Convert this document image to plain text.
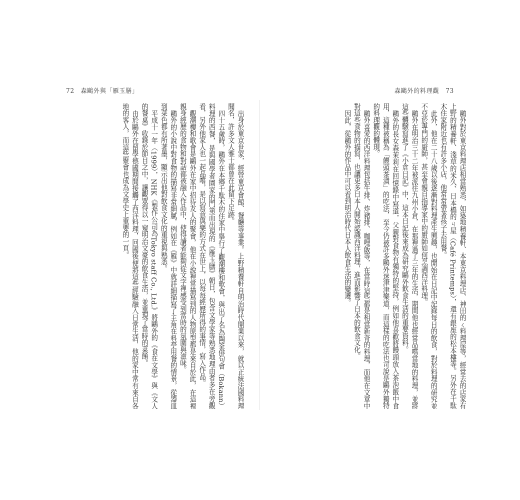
72 森鷗外與「雁玉膳」	森鷗外的料理觀 73

鷗外對於東京料理店相當熟悉，如築地精養軒、本東京料理店、神田的ㄑ料理屋等，經常去的店家有上野的精養軒、淺草的米久、日本橋的ㄐ屋（Café Printemps），還有銀座的松本樓等。另外在千駄木住家附近也有許多小店，他常常帶著孩子去用餐。

此外，他在二十八歲以後逐漸對料理產生興趣，也開始在日記中記錄每日的飲食，對於料理的研究並不亞於專門的廚師，甚至會親自指導家中的廚師如何烹調西洋料理。

鷗外在明治三十二年被派往九州小倉，在那裡過了三年的生活，期間他也經常品嚐當地的料理，並將這些體驗寫進了《小倉日記》中，這本日記後來成為研究鷗外飲食生活的重要資料。

鷗外的長女森茉莉在回憶錄中寫道，父親對食物有獨特的堅持，例如他喜歡將饅頭放入茶泡飯中食用，這種被稱為「饅頭茶漬」的吃法，至今仍被許多鷗外迷津津樂道，而這樣的吃法也可說是鷗外獨特的料理觀的體現。

鷗外喜愛的西洋料理包括牛排、炸豬排、咖哩飯等，在當時這些都是相當新奇的料理，而他在文章中對這些食物的描寫，也讓更多日本人開始認識西洋料理，進而影響了日本的飲食文化。

因此，從鷗外的作品中可以看到明治時代日本人飲食生活的變遷。

出身於東京世家，經營東京會館、餐廳等事業。上野精養軒自明治時代開業以來，就以正統法國料理聞名，許多文人雅士都曾在此留下足跡。

四十五歲時，鷗外在本鄉千駄木的住家中舉行了觀潮樓和歌會，與出了名為陶筌俳句會（Bokann）料理的西餐，是與國學者園家的門第而出現的《雁玉膳》朝日，包含文學家等熟悉地理由者多在旁觀看，另外他家人也一起品嚐，是以寫意與樂的方式在世上，以每每經歷所得的事情，寫入作品。

觀潮樓和歌會是鷗外在家中招待友人的聚會，他在小說裡常描寫到的人物原型都是來自於此，在這裡親身經歷的食物和對話都被融入作品中，使得讀者能夠從文字裡感受到當時的氛圍與滋味。

鷗外的小說中對食物的描寫非常細膩，例如在《雁》中就詳細描寫了主角在料亭用餐的情景，從器皿到菜色都有所著墨，顯示出他對飲食文化的重視與熟悉。

平成十一年（1999），NHK《製作公司為Tokyo staff Co., Ltd.》將鷗外的《食在文學》與《文人的餐桌》收錄於節目之中，讓觀眾得以一窺明治文豪的飲食生活，並重現了當時的菜餚。

由於鷗外在留學德國期間接觸了西洋料理，回國後便將這些經驗融入日常生活，他的家中常有來自各地的客人，而這些聚會也成為文學史上重要的一頁。
